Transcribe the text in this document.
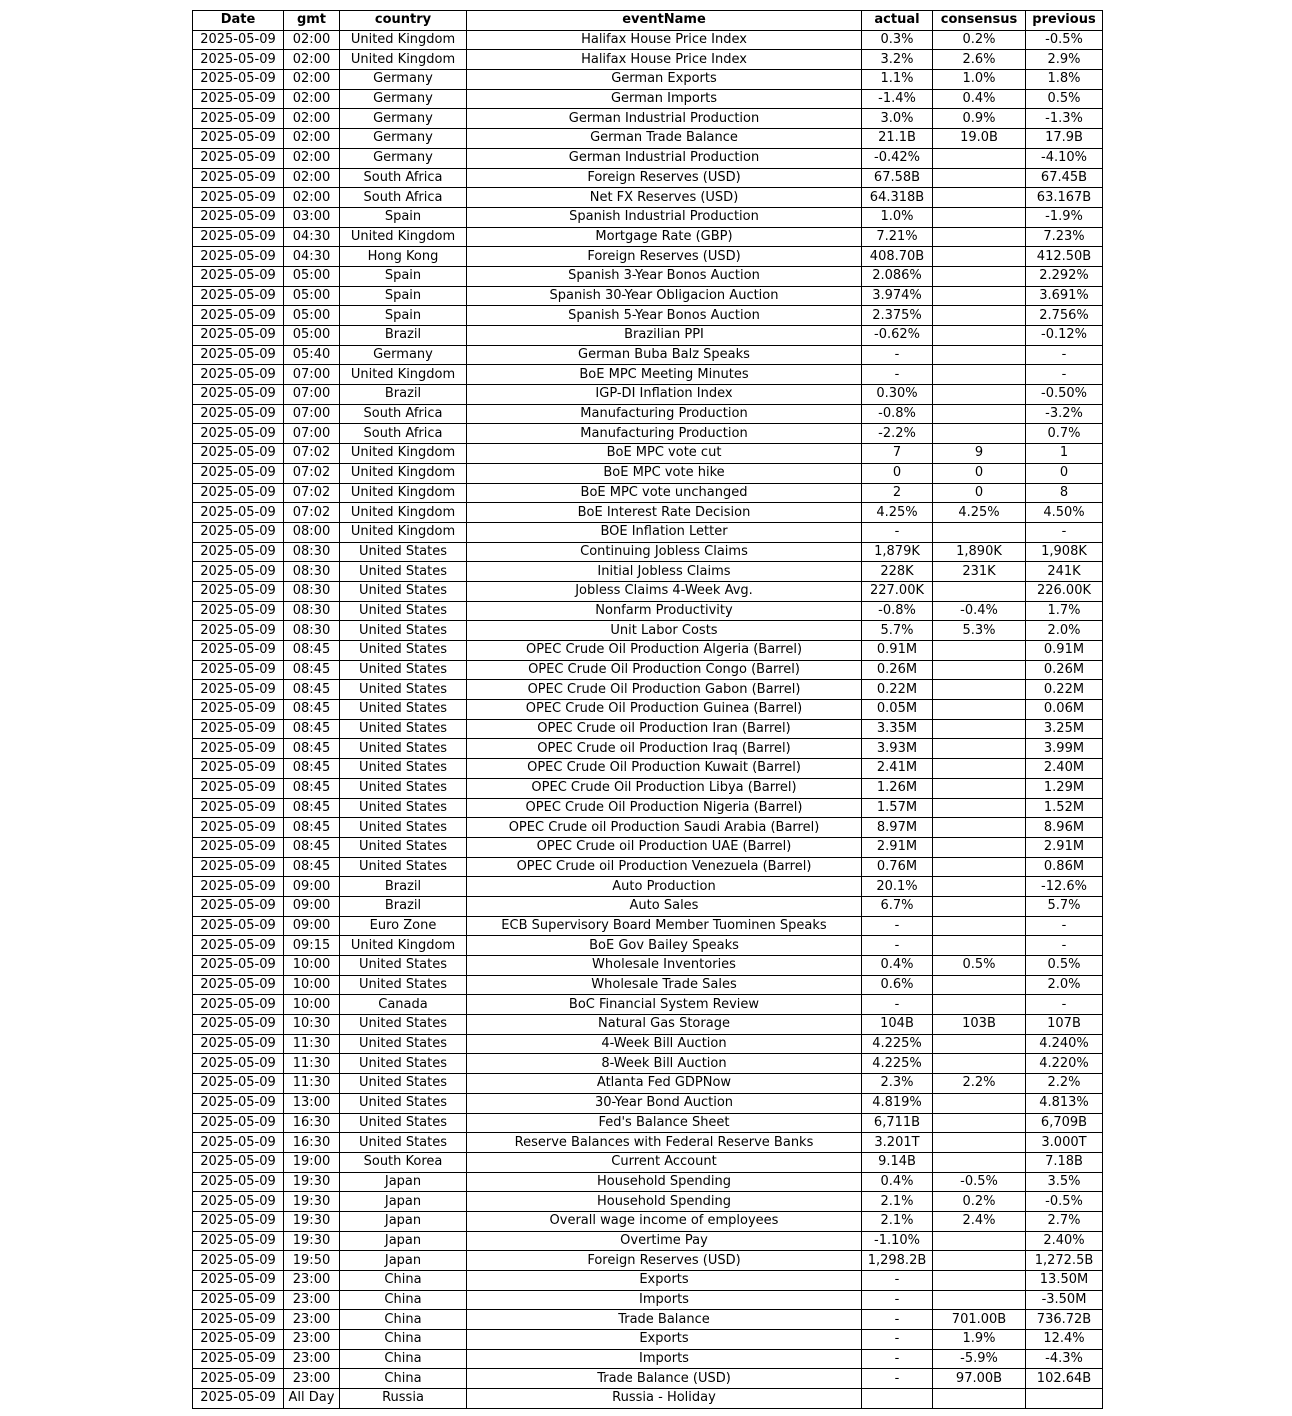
Date	gmt	country	eventName	actual	consensus	previous
2025-05-09	02:00	United Kingdom	Halifax House Price Index	0.3%	0.2%	-0.5%
2025-05-09	02:00	United Kingdom	Halifax House Price Index	3.2%	2.6%	2.9%
2025-05-09	02:00	Germany	German Exports	1.1%	1.0%	1.8%
2025-05-09	02:00	Germany	German Imports	-1.4%	0.4%	0.5%
2025-05-09	02:00	Germany	German Industrial Production	3.0%	0.9%	-1.3%
2025-05-09	02:00	Germany	German Trade Balance	21.1B	19.0B	17.9B
2025-05-09	02:00	Germany	German Industrial Production	-0.42%		-4.10%
2025-05-09	02:00	South Africa	Foreign Reserves (USD)	67.58B		67.45B
2025-05-09	02:00	South Africa	Net FX Reserves (USD)	64.318B		63.167B
2025-05-09	03:00	Spain	Spanish Industrial Production	1.0%		-1.9%
2025-05-09	04:30	United Kingdom	Mortgage Rate (GBP)	7.21%		7.23%
2025-05-09	04:30	Hong Kong	Foreign Reserves (USD)	408.70B		412.50B
2025-05-09	05:00	Spain	Spanish 3-Year Bonos Auction	2.086%		2.292%
2025-05-09	05:00	Spain	Spanish 30-Year Obligacion Auction	3.974%		3.691%
2025-05-09	05:00	Spain	Spanish 5-Year Bonos Auction	2.375%		2.756%
2025-05-09	05:00	Brazil	Brazilian PPI	-0.62%		-0.12%
2025-05-09	05:40	Germany	German Buba Balz Speaks	-		-
2025-05-09	07:00	United Kingdom	BoE MPC Meeting Minutes	-		-
2025-05-09	07:00	Brazil	IGP-DI Inflation Index	0.30%		-0.50%
2025-05-09	07:00	South Africa	Manufacturing Production	-0.8%		-3.2%
2025-05-09	07:00	South Africa	Manufacturing Production	-2.2%		0.7%
2025-05-09	07:02	United Kingdom	BoE MPC vote cut	7	9	1
2025-05-09	07:02	United Kingdom	BoE MPC vote hike	0	0	0
2025-05-09	07:02	United Kingdom	BoE MPC vote unchanged	2	0	8
2025-05-09	07:02	United Kingdom	BoE Interest Rate Decision	4.25%	4.25%	4.50%
2025-05-09	08:00	United Kingdom	BOE Inflation Letter	-		-
2025-05-09	08:30	United States	Continuing Jobless Claims	1,879K	1,890K	1,908K
2025-05-09	08:30	United States	Initial Jobless Claims	228K	231K	241K
2025-05-09	08:30	United States	Jobless Claims 4-Week Avg.	227.00K		226.00K
2025-05-09	08:30	United States	Nonfarm Productivity	-0.8%	-0.4%	1.7%
2025-05-09	08:30	United States	Unit Labor Costs	5.7%	5.3%	2.0%
2025-05-09	08:45	United States	OPEC Crude Oil Production Algeria (Barrel)	0.91M		0.91M
2025-05-09	08:45	United States	OPEC Crude Oil Production Congo (Barrel)	0.26M		0.26M
2025-05-09	08:45	United States	OPEC Crude Oil Production Gabon (Barrel)	0.22M		0.22M
2025-05-09	08:45	United States	OPEC Crude Oil Production Guinea (Barrel)	0.05M		0.06M
2025-05-09	08:45	United States	OPEC Crude oil Production Iran (Barrel)	3.35M		3.25M
2025-05-09	08:45	United States	OPEC Crude oil Production Iraq (Barrel)	3.93M		3.99M
2025-05-09	08:45	United States	OPEC Crude Oil Production Kuwait (Barrel)	2.41M		2.40M
2025-05-09	08:45	United States	OPEC Crude Oil Production Libya (Barrel)	1.26M		1.29M
2025-05-09	08:45	United States	OPEC Crude Oil Production Nigeria (Barrel)	1.57M		1.52M
2025-05-09	08:45	United States	OPEC Crude oil Production Saudi Arabia (Barrel)	8.97M		8.96M
2025-05-09	08:45	United States	OPEC Crude oil Production UAE (Barrel)	2.91M		2.91M
2025-05-09	08:45	United States	OPEC Crude oil Production Venezuela (Barrel)	0.76M		0.86M
2025-05-09	09:00	Brazil	Auto Production	20.1%		-12.6%
2025-05-09	09:00	Brazil	Auto Sales	6.7%		5.7%
2025-05-09	09:00	Euro Zone	ECB Supervisory Board Member Tuominen Speaks	-		-
2025-05-09	09:15	United Kingdom	BoE Gov Bailey Speaks	-		-
2025-05-09	10:00	United States	Wholesale Inventories	0.4%	0.5%	0.5%
2025-05-09	10:00	United States	Wholesale Trade Sales	0.6%		2.0%
2025-05-09	10:00	Canada	BoC Financial System Review	-		-
2025-05-09	10:30	United States	Natural Gas Storage	104B	103B	107B
2025-05-09	11:30	United States	4-Week Bill Auction	4.225%		4.240%
2025-05-09	11:30	United States	8-Week Bill Auction	4.225%		4.220%
2025-05-09	11:30	United States	Atlanta Fed GDPNow	2.3%	2.2%	2.2%
2025-05-09	13:00	United States	30-Year Bond Auction	4.819%		4.813%
2025-05-09	16:30	United States	Fed's Balance Sheet	6,711B		6,709B
2025-05-09	16:30	United States	Reserve Balances with Federal Reserve Banks	3.201T		3.000T
2025-05-09	19:00	South Korea	Current Account	9.14B		7.18B
2025-05-09	19:30	Japan	Household Spending	0.4%	-0.5%	3.5%
2025-05-09	19:30	Japan	Household Spending	2.1%	0.2%	-0.5%
2025-05-09	19:30	Japan	Overall wage income of employees	2.1%	2.4%	2.7%
2025-05-09	19:30	Japan	Overtime Pay	-1.10%		2.40%
2025-05-09	19:50	Japan	Foreign Reserves (USD)	1,298.2B		1,272.5B
2025-05-09	23:00	China	Exports	-		13.50M
2025-05-09	23:00	China	Imports	-		-3.50M
2025-05-09	23:00	China	Trade Balance	-	701.00B	736.72B
2025-05-09	23:00	China	Exports	-	1.9%	12.4%
2025-05-09	23:00	China	Imports	-	-5.9%	-4.3%
2025-05-09	23:00	China	Trade Balance (USD)	-	97.00B	102.64B
2025-05-09	All Day	Russia	Russia - Holiday			
